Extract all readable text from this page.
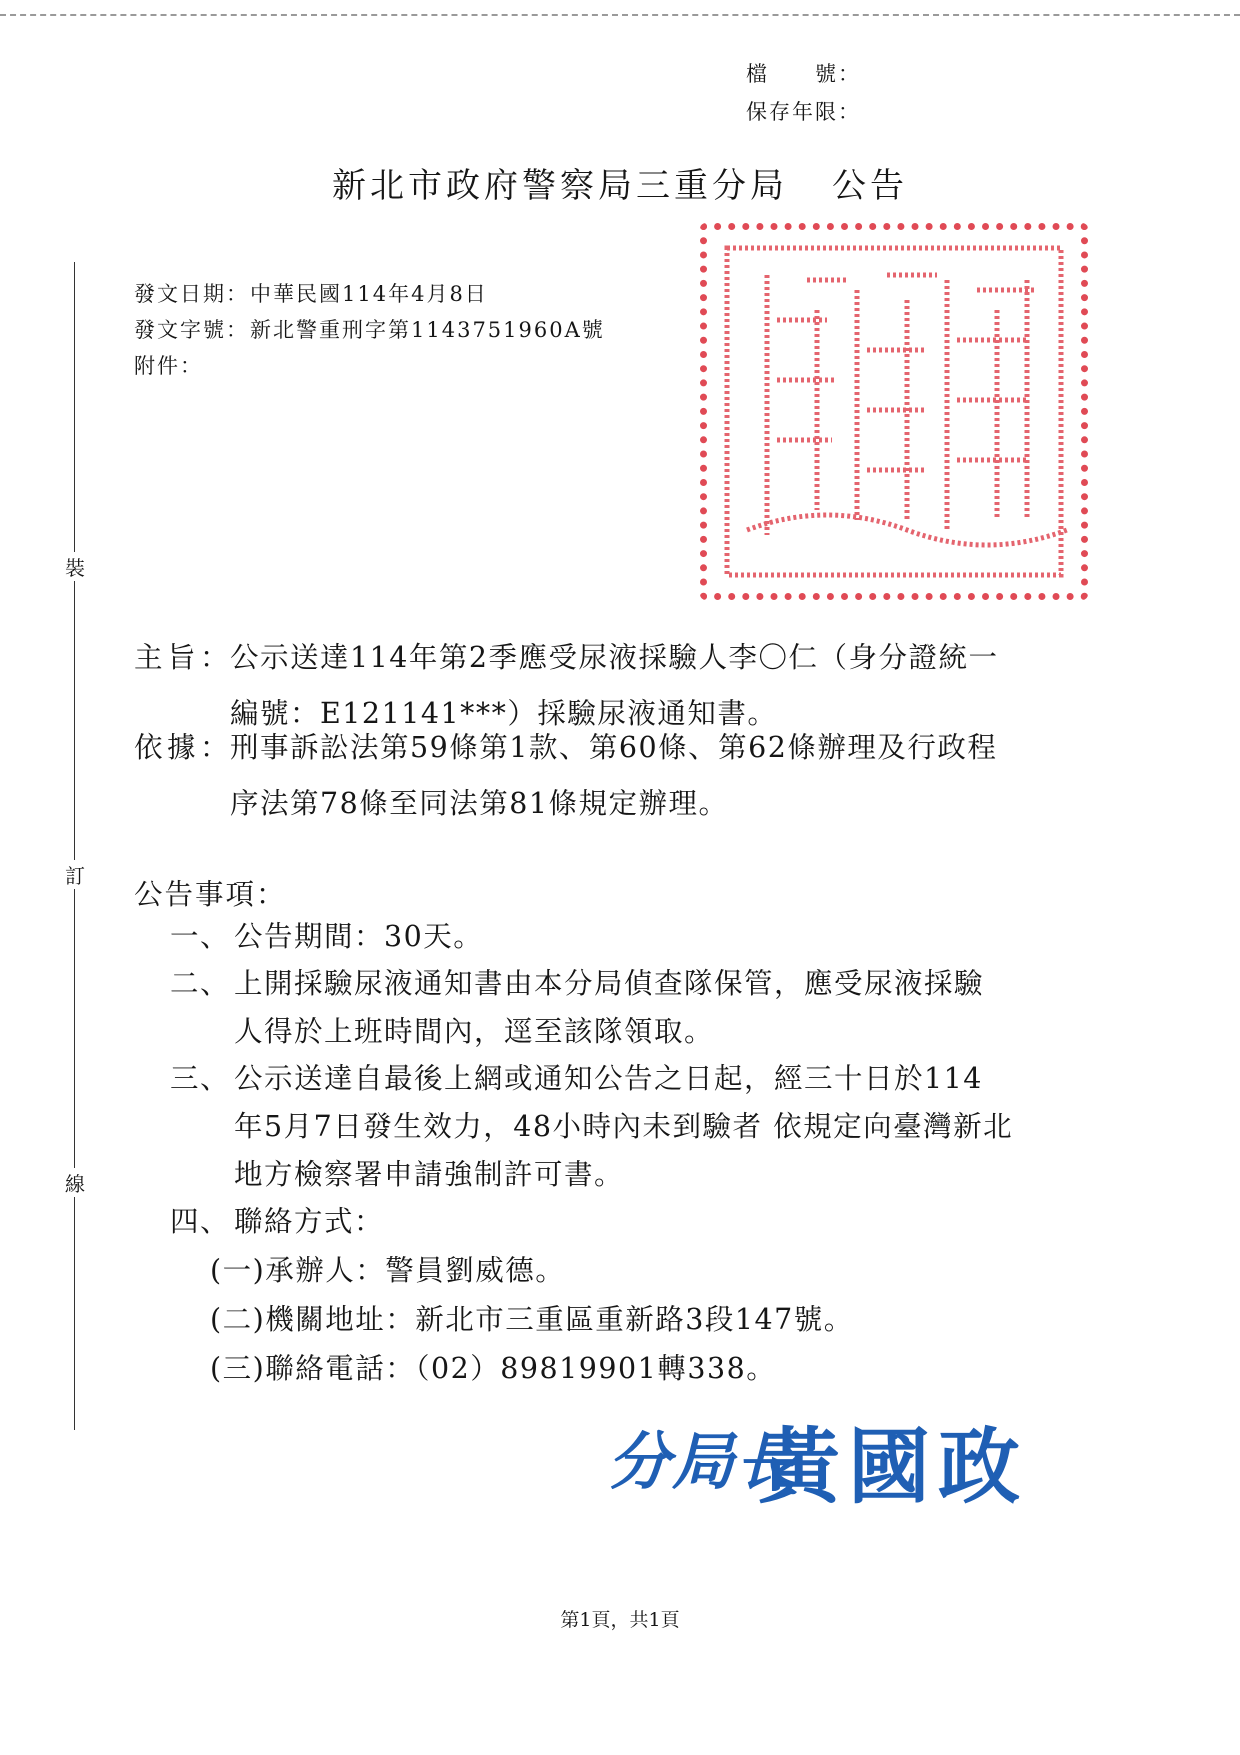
檔　　號：
保存年限：
新北市政府警察局三重分局 公告
發文日期：中華民國114年4月8日
發文字號：新北警重刑字第1143751960A號
附件：
裝
訂
線
主旨：公示送達114年第2季應受尿液採驗人李〇仁（身分證統一
編號：E121141***）採驗尿液通知書。
依據：刑事訴訟法第59條第1款、第60條、第62條辦理及行政程
序法第78條至同法第81條規定辦理。
公告事項：
一、 公告期間：30天。
二、 上開採驗尿液通知書由本分局偵查隊保管，應受尿液採驗
人得於上班時間內，逕至該隊領取。
三、 公示送達自最後上網或通知公告之日起，經三十日於114
年5月7日發生效力，48小時內未到驗者 依規定向臺灣新北
地方檢察署申請強制許可書。
四、 聯絡方式：
(一)承辦人：警員劉威德。
(二)機關地址：新北市三重區重新路3段147號。
(三)聯絡電話：（02）89819901轉338。
分局長
黃國政
第1頁，共1頁
